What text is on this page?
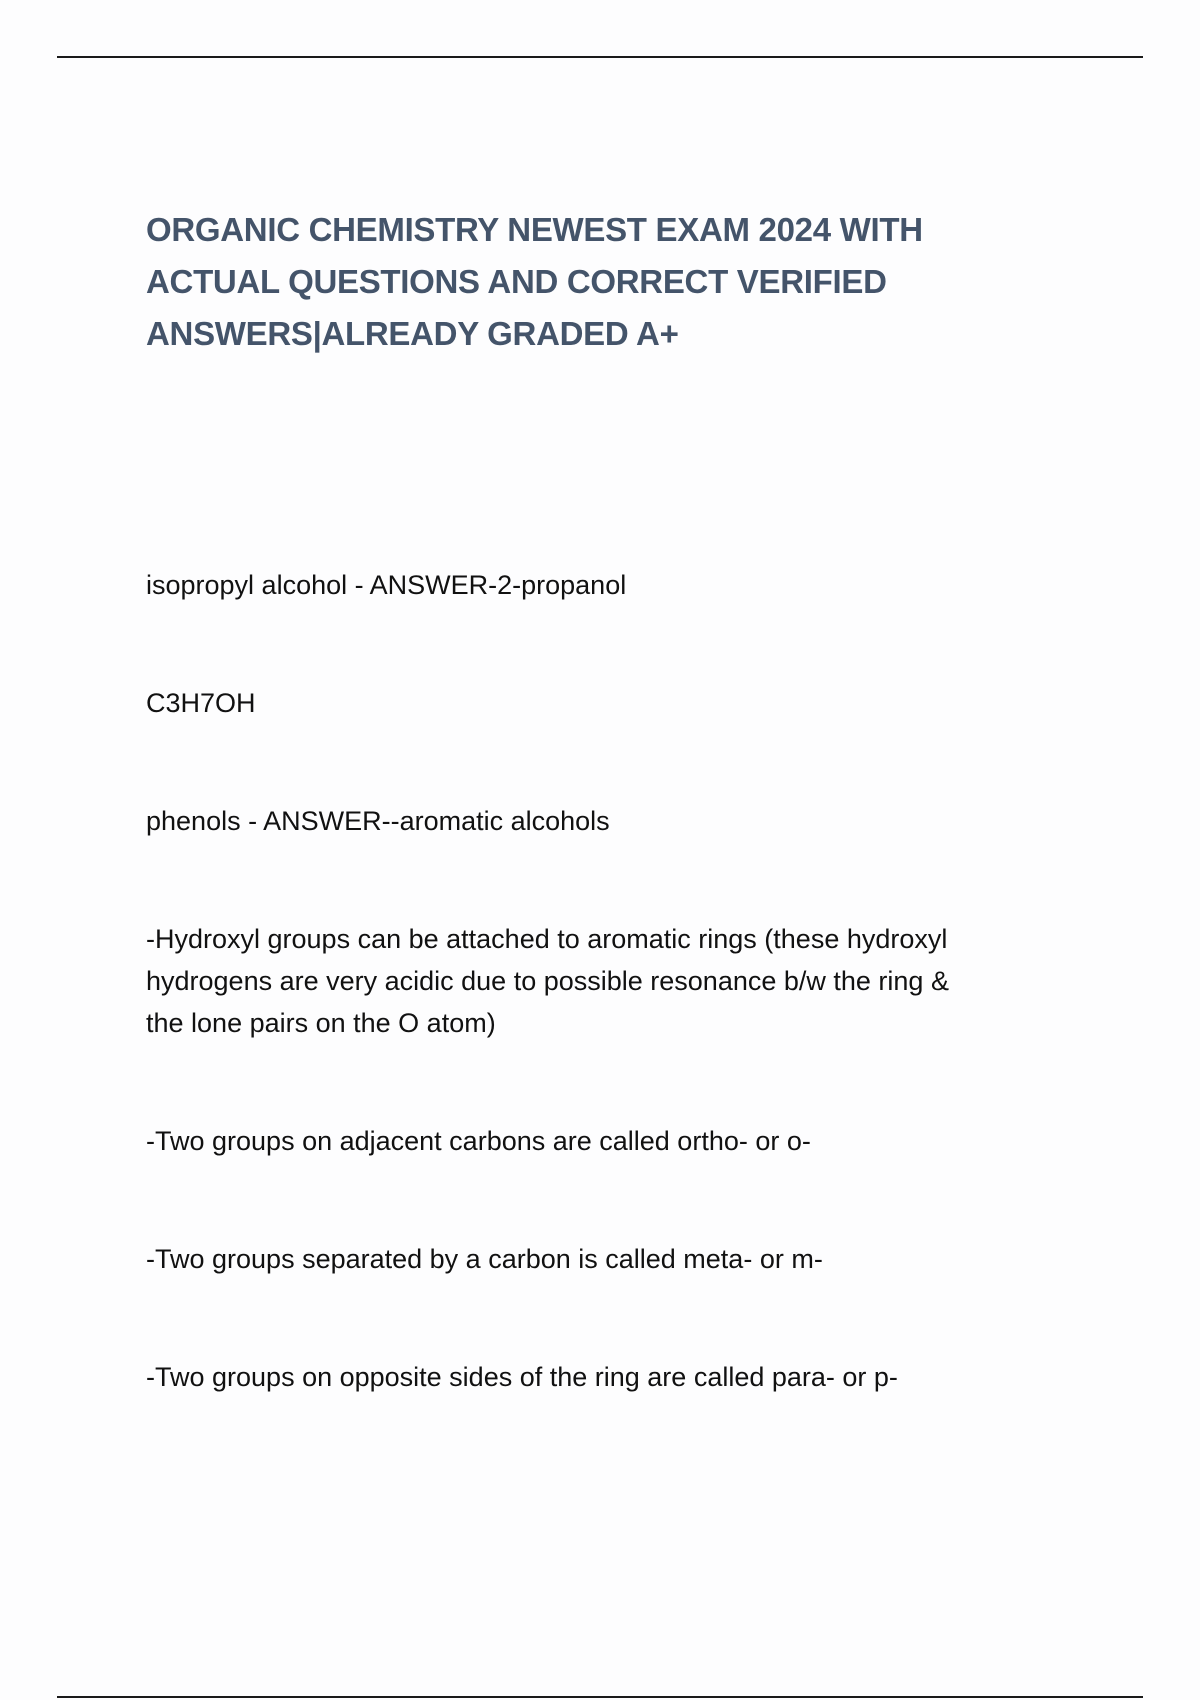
ORGANIC CHEMISTRY NEWEST EXAM 2024 WITH
ACTUAL QUESTIONS AND CORRECT VERIFIED
ANSWERS|ALREADY GRADED A+
isopropyl alcohol - ANSWER-2-propanol
C3H7OH
phenols - ANSWER--aromatic alcohols
-Hydroxyl groups can be attached to aromatic rings (these hydroxyl
hydrogens are very acidic due to possible resonance b/w the ring &
the lone pairs on the O atom)
-Two groups on adjacent carbons are called ortho- or o-
-Two groups separated by a carbon is called meta- or m-
-Two groups on opposite sides of the ring are called para- or p-
